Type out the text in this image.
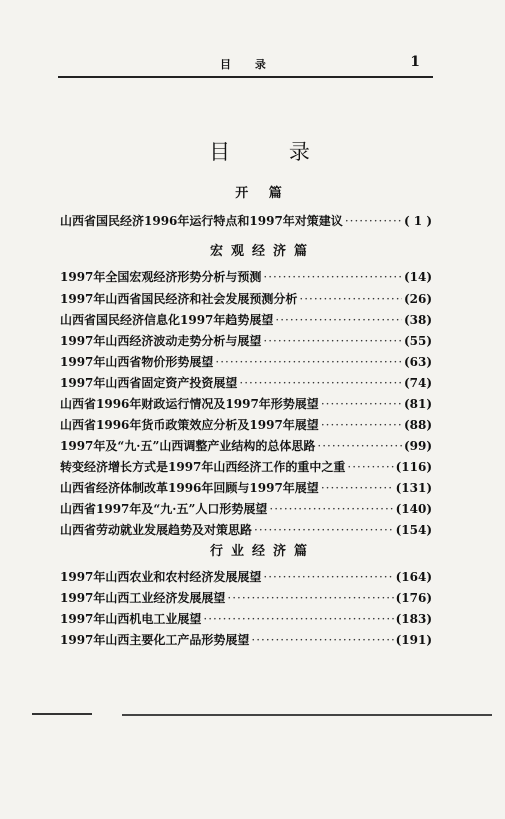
目 录	1
目 录
开 篇
山西省国民经济1996年运行特点和1997年对策建议 ·····	( 1 )
宏观经济篇
1997年全国宏观经济形势分析与预测 ·····	(14)
1997年山西省国民经济和社会发展预测分析 ·····	(26)
山西省国民经济信息化1997年趋势展望 ·····	(38)
1997年山西经济波动走势分析与展望 ·····	(55)
1997年山西省物价形势展望 ·····	(63)
1997年山西省固定资产投资展望 ·····	(74)
山西省1996年财政运行情况及1997年形势展望 ·····	(81)
山西省1996年货币政策效应分析及1997年展望 ·····	(88)
1997年及“九·五”山西调整产业结构的总体思路 ·····	(99)
转变经济增长方式是1997年山西经济工作的重中之重 ·····	(116)
山西省经济体制改革1996年回顾与1997年展望 ·····	(131)
山西省1997年及“九·五”人口形势展望 ·····	(140)
山西省劳动就业发展趋势及对策思路 ·····	(154)
行业经济篇
1997年山西农业和农村经济发展展望 ·····	(164)
1997年山西工业经济发展展望 ·····	(176)
1997年山西机电工业展望 ·····	(183)
1997年山西主要化工产品形势展望 ·····	(191)
